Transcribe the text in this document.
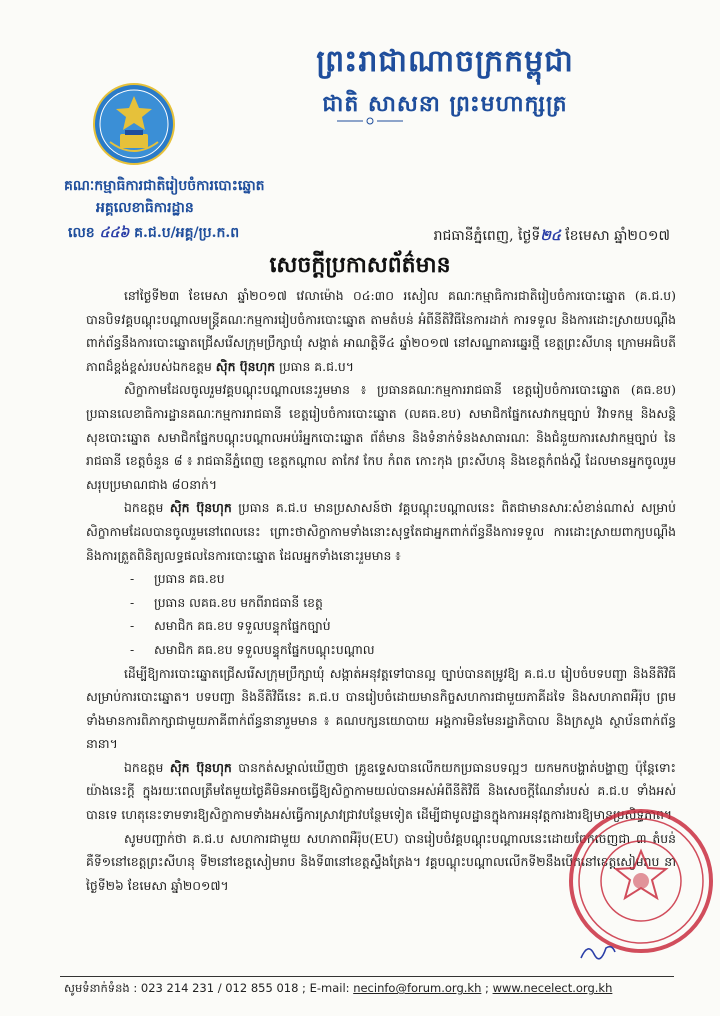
ព្រះរាជាណាចក្រកម្ពុជា
ជាតិ សាសនា ព្រះមហាក្សត្រ
គណៈកម្មាធិការជាតិរៀបចំការបោះឆ្នោត
អគ្គលេខាធិការដ្ឋាន
លេខ ៤៤៦ គ.ជ.ប/អគ្គ/ប្រ.ក.ព	រាជធានីភ្នំពេញ, ថ្ងៃទី២៤ ខែមេសា ឆ្នាំ២០១៧
សេចក្តីប្រកាសព័ត៌មាន

នៅថ្ងៃទី២៣ ខែមេសា ឆ្នាំ២០១៧ វេលាម៉ោង ០៤:៣០ រសៀល គណៈកម្មាធិការជាតិរៀបចំការបោះឆ្នោត (គ.ជ.ប) បានបិទវគ្គបណ្តុះបណ្តាលមន្ត្រីគណៈកម្មការរៀបចំការបោះឆ្នោត តាមតំបន់ អំពីនីតិវិធីនៃការដាក់ ការទទួល និងការដោះស្រាយបណ្តឹងពាក់ព័ន្ធនឹងការបោះឆ្នោតជ្រើសរើសក្រុមប្រឹក្សាឃុំ សង្កាត់ អាណត្តិទី៤ ឆ្នាំ២០១៧ នៅសណ្ឋាគារឆ្នេរថ្មី ខេត្តព្រះសីហនុ ក្រោមអធិបតីភាពដ៏ខ្ពង់ខ្ពស់របស់ឯកឧត្តម ស៊ិក ប៊ុនហុក ប្រធាន គ.ជ.ប។

សិក្ខាកាមដែលចូលរួមវគ្គបណ្តុះបណ្តាលនេះរួមមាន ៖ ប្រធានគណៈកម្មការរាជធានី ខេត្តរៀបចំការបោះឆ្នោត (គធ.ខប) ប្រធានលេខាធិការដ្ឋានគណៈកម្មការរាជធានី ខេត្តរៀបចំការបោះឆ្នោត (លគធ.ខប) សមាជិកផ្នែកសេវាកម្មច្បាប់ វិវាទកម្ម និងសន្តិសុខបោះឆ្នោត សមាជិកផ្នែកបណ្តុះបណ្តាលអប់រំអ្នកបោះឆ្នោត ព័ត៌មាន និងទំនាក់ទំនងសាធារណៈ និងជំនួយការសេវាកម្មច្បាប់ នៃរាជធានី ខេត្តចំនួន ៨ ៖ រាជធានីភ្នំពេញ ខេត្តកណ្តាល តាកែវ កែប កំពត កោះកុង ព្រះសីហនុ និងខេត្តកំពង់ស្ពឺ ដែលមានអ្នកចូលរួមសរុបប្រមាណជាង ៨០នាក់។

ឯកឧត្តម ស៊ិក ប៊ុនហុក ប្រធាន គ.ជ.ប មានប្រសាសន៍ថា វគ្គបណ្តុះបណ្តាលនេះ ពិតជាមានសារៈសំខាន់ណាស់ សម្រាប់សិក្ខាកាមដែលបានចូលរួមនៅពេលនេះ ព្រោះថាសិក្ខាកាមទាំងនោះសុទ្ធតែជាអ្នកពាក់ព័ន្ធនឹងការទទួល ការដោះស្រាយពាក្យបណ្តឹង និងការត្រួតពិនិត្យលទ្ធផលនៃការបោះឆ្នោត ដែលអ្នកទាំងនោះរួមមាន ៖

- ប្រធាន គធ.ខប
- ប្រធាន លគធ.ខប មកពីរាជធានី ខេត្ត
- សមាជិក គធ.ខប ទទួលបន្ទុកផ្នែកច្បាប់
- សមាជិក គធ.ខប ទទួលបន្ទុកផ្នែកបណ្តុះបណ្តាល

ដើម្បីឱ្យការបោះឆ្នោតជ្រើសរើសក្រុមប្រឹក្សាឃុំ សង្កាត់អនុវត្តទៅបានល្អ ច្បាប់បានតម្រូវឱ្យ គ.ជ.ប រៀបចំបទបញ្ជា និងនីតិវិធីសម្រាប់ការបោះឆ្នោត។ បទបញ្ជា និងនីតិវិធីនេះ គ.ជ.ប បានរៀបចំដោយមានកិច្ចសហការជាមួយភាគីដទៃ និងសហភាពអឺរ៉ុប ព្រមទាំងមានការពិភាក្សាជាមួយភាគីពាក់ព័ន្ធនានារួមមាន ៖ គណបក្សនយោបាយ អង្គការមិនមែនរដ្ឋាភិបាល និងក្រសួង ស្ថាប័នពាក់ព័ន្ធនានា។

ឯកឧត្តម ស៊ិក ប៊ុនហុក បានកត់សម្គាល់ឃើញថា គ្រូឧទ្ទេសបានលើកយកប្រធានបទល្អៗ យកមកបង្ហាត់បង្ហាញ ប៉ុន្តែទោះយ៉ាងនេះក្តី ក្នុងរយៈពេលត្រឹមតែមួយថ្ងៃគឺមិនអាចធ្វើឱ្យសិក្ខាកាមយល់បានអស់អំពីនីតិវិធី និងសេចក្តីណែនាំរបស់ គ.ជ.ប ទាំងអស់បានទេ ហេតុនេះទាមទារឱ្យសិក្ខាកាមទាំងអស់ធ្វើការស្រាវជ្រាវបន្ថែមទៀត ដើម្បីជាមូលដ្ឋានក្នុងការអនុវត្តការងារឱ្យមានប្រសិទ្ធភាព។

សូមបញ្ជាក់ថា គ.ជ.ប សហការជាមួយ សហភាពអឺរ៉ុប(EU) បានរៀបចំវគ្គបណ្តុះបណ្តាលនេះដោយចែកចេញជា ៣ តំបន់ គឺទី១នៅខេត្តព្រះសីហនុ ទី២នៅខេត្តសៀមរាប និងទី៣នៅខេត្តស្ទឹងត្រែង។ វគ្គបណ្តុះបណ្តាលលើកទី២នឹងបើកនៅខេត្តសៀមរាប នាថ្ងៃទី២៦ ខែមេសា ឆ្នាំ២០១៧។

សូមទំនាក់ទំនង : 023 214 231 / 012 855 018 ; E-mail: necinfo@forum.org.kh ; www.necelect.org.kh
